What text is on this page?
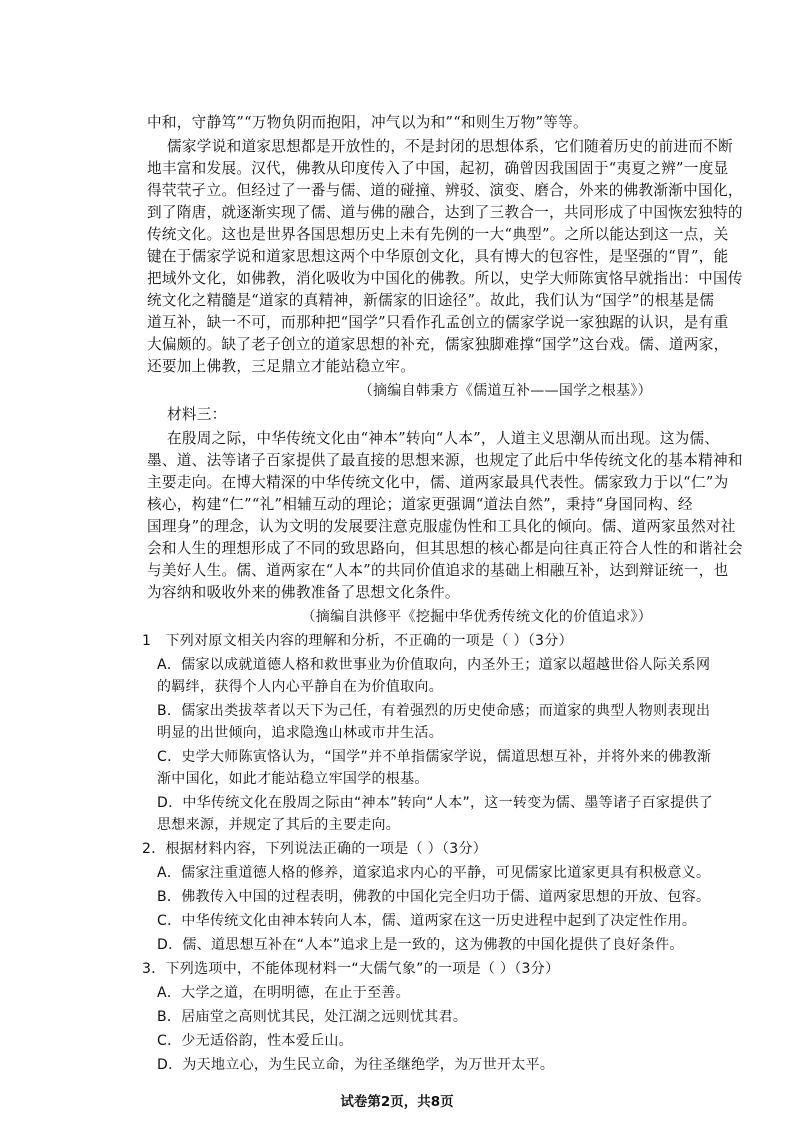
中和，守静笃”“万物负阴而抱阳，冲气以为和”“和则生万物”等等。
儒家学说和道家思想都是开放性的，不是封闭的思想体系，它们随着历史的前进而不断
地丰富和发展。汉代，佛教从印度传入了中国，起初，确曾因我国固于“夷夏之辨”一度显
得茕茕孑立。但经过了一番与儒、道的碰撞、辨驳、演变、磨合，外来的佛教渐渐中国化，
到了隋唐，就逐渐实现了儒、道与佛的融合，达到了三教合一，共同形成了中国恢宏独特的
传统文化。这也是世界各国思想历史上未有先例的一大“典型”。之所以能达到这一点，关
键在于儒家学说和道家思想这两个中华原创文化，具有博大的包容性，是坚强的“胃”，能
把域外文化，如佛教，消化吸收为中国化的佛教。所以，史学大师陈寅恪早就指出：中国传
统文化之精髓是“道家的真精神，新儒家的旧途径”。故此，我们认为“国学”的根基是儒
道互补，缺一不可，而那种把“国学”只看作孔孟创立的儒家学说一家独踞的认识，是有重
大偏颇的。缺了老子创立的道家思想的补充，儒家独脚难撑“国学”这台戏。儒、道两家，
还要加上佛教，三足鼎立才能站稳立牢。
（摘编自韩秉方《儒道互补——国学之根基》）
材料三：
在殷周之际，中华传统文化由“神本”转向“人本”，人道主义思潮从而出现。这为儒、
墨、道、法等诸子百家提供了最直接的思想来源，也规定了此后中华传统文化的基本精神和
主要走向。在博大精深的中华传统文化中，儒、道两家最具代表性。儒家致力于以“仁”为
核心，构建“仁”“礼”相辅互动的理论；道家更强调“道法自然”，秉持“身国同构、经
国理身”的理念，认为文明的发展要注意克服虚伪性和工具化的倾向。儒、道两家虽然对社
会和人生的理想形成了不同的致思路向，但其思想的核心都是向往真正符合人性的和谐社会
与美好人生。儒、道两家在“人本”的共同价值追求的基础上相融互补，达到辩证统一，也
为容纳和吸收外来的佛教准备了思想文化条件。
（摘编自洪修平《挖掘中华优秀传统文化的价值追求》）
1　下列对原文相关内容的理解和分析，不正确的一项是（ ）（3分）
A．儒家以成就道德人格和救世事业为价值取向，内圣外王；道家以超越世俗人际关系网
的羁绊，获得个人内心平静自在为价值取向。
B．儒家出类拔萃者以天下为己任，有着强烈的历史使命感；而道家的典型人物则表现出
明显的出世倾向，追求隐逸山林或市井生活。
C．史学大师陈寅恪认为，“国学”并不单指儒家学说，儒道思想互补，并将外来的佛教渐
渐中国化，如此才能站稳立牢国学的根基。
D．中华传统文化在殷周之际由“神本”转向“人本”，这一转变为儒、墨等诸子百家提供了
思想来源，并规定了其后的主要走向。
2．根据材料内容，下列说法正确的一项是（ ）（3分）
A．儒家注重道德人格的修养，道家追求内心的平静，可见儒家比道家更具有积极意义。
B．佛教传入中国的过程表明，佛教的中国化完全归功于儒、道两家思想的开放、包容。
C．中华传统文化由神本转向人本，儒、道两家在这一历史进程中起到了决定性作用。
D．儒、道思想互补在“人本”追求上是一致的，这为佛教的中国化提供了良好条件。
3．下列选项中，不能体现材料一“大儒气象”的一项是（ ）（3分）
A．大学之道，在明明德，在止于至善。
B．居庙堂之高则忧其民，处江湖之远则忧其君。
C．少无适俗韵，性本爱丘山。
D．为天地立心，为生民立命，为往圣继绝学，为万世开太平。
试卷第2页，共8页
